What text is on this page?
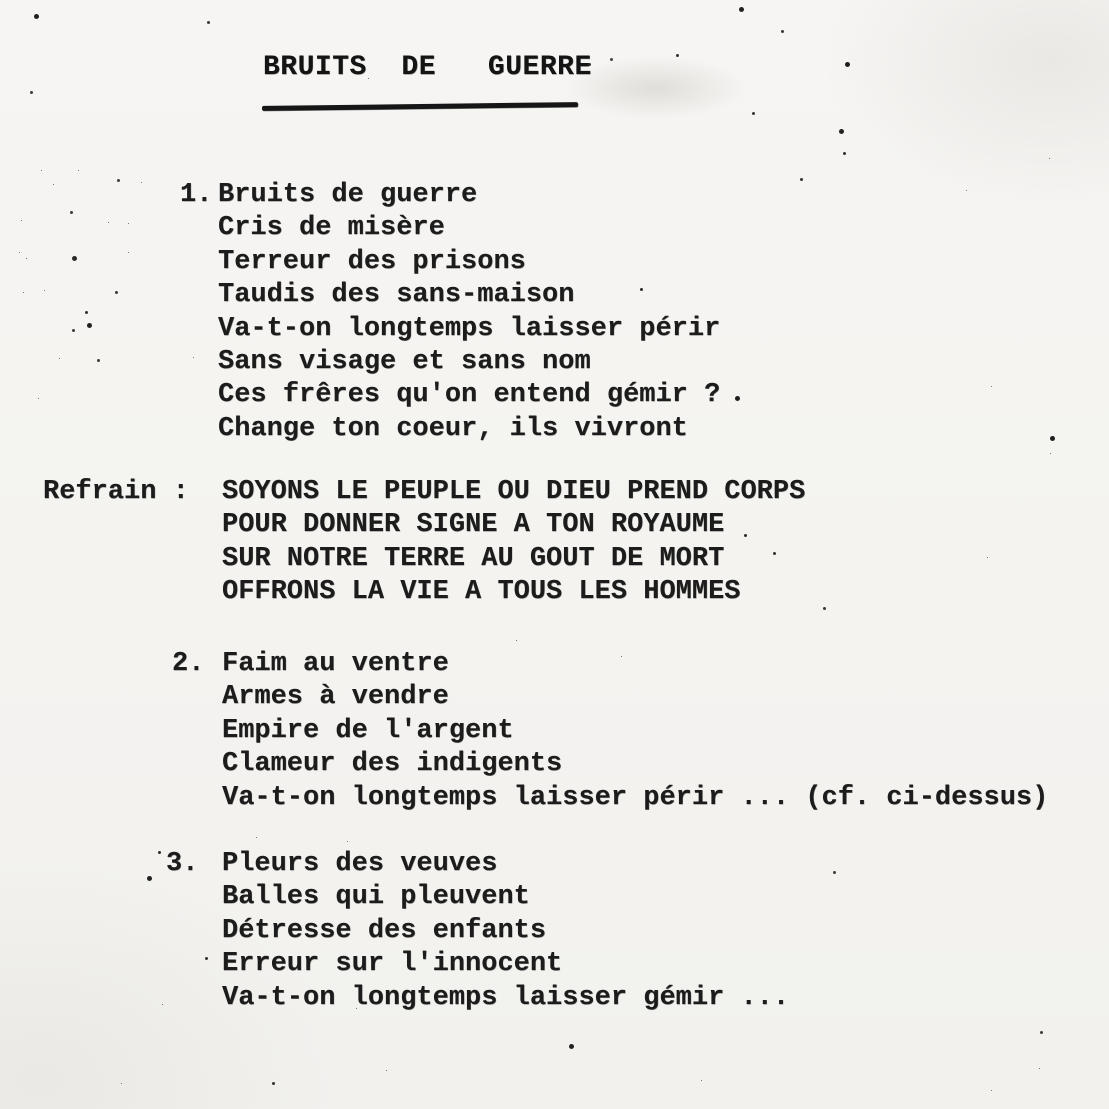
BRUITS  DE   GUERRE
1. Bruits de guerre
Cris de misère
Terreur des prisons
Taudis des sans-maison
Va-t-on longtemps laisser périr
Sans visage et sans nom
Ces frêres qu'on entend gémir ?
Change ton coeur, ils vivront
Refrain : SOYONS LE PEUPLE OU DIEU PREND CORPS
POUR DONNER SIGNE A TON ROYAUME
SUR NOTRE TERRE AU GOUT DE MORT
OFFRONS LA VIE A TOUS LES HOMMES
2. Faim au ventre
Armes à vendre
Empire de l'argent
Clameur des indigents
Va-t-on longtemps laisser périr ... (cf. ci-dessus)
3. Pleurs des veuves
Balles qui pleuvent
Détresse des enfants
Erreur sur l'innocent
Va-t-on longtemps laisser gémir ...
